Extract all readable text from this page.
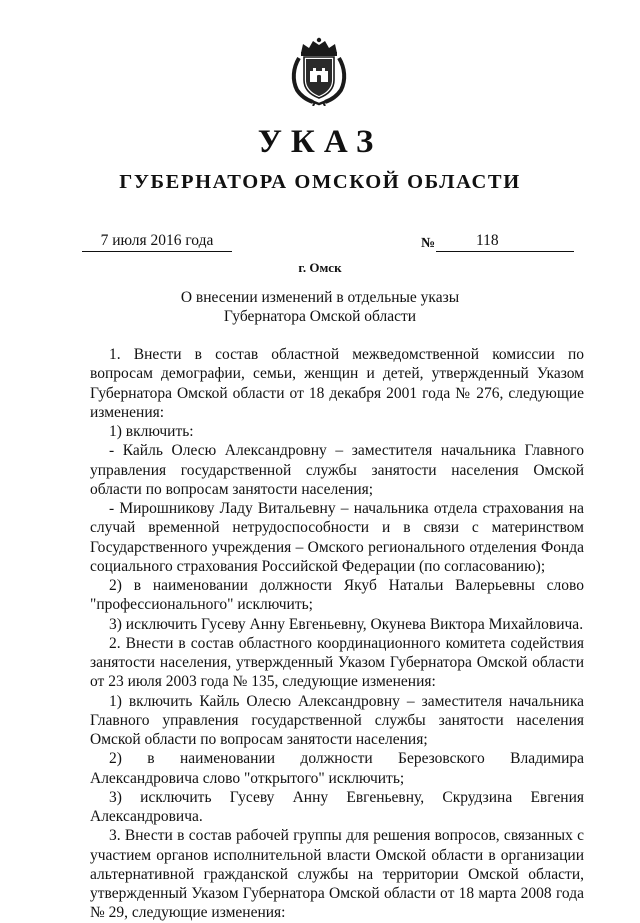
УКАЗ
ГУБЕРНАТОРА ОМСКОЙ ОБЛАСТИ
7 июля 2016 года	№	118
г. Омск
О внесении изменений в отдельные указы
Губернатора Омской области

1. Внести в состав областной межведомственной комиссии по вопросам демографии, семьи, женщин и детей, утвержденный Указом Губернатора Омской области от 18 декабря 2001 года № 276, следующие изменения:

1) включить:

- Кайль Олесю Александровну – заместителя начальника Главного управления государственной службы занятости населения Омской области по вопросам занятости населения;

- Мирошникову Ладу Витальевну – начальника отдела страхования на случай временной нетрудоспособности и в связи с материнством Государственного учреждения – Омского регионального отделения Фонда социального страхования Российской Федерации (по согласованию);

2) в наименовании должности Якуб Натальи Валерьевны слово "профессионального" исключить;

3) исключить Гусеву Анну Евгеньевну, Окунева Виктора Михайловича.

2. Внести в состав областного координационного комитета содействия занятости населения, утвержденный Указом Губернатора Омской области от 23 июля 2003 года № 135, следующие изменения:

1) включить Кайль Олесю Александровну – заместителя начальника Главного управления государственной службы занятости населения Омской области по вопросам занятости населения;

2) в наименовании должности Березовского Владимира Александровича слово "открытого" исключить;

3) исключить Гусеву Анну Евгеньевну, Скрудзина Евгения Александровича.

3. Внести в состав рабочей группы для решения вопросов, связанных с участием органов исполнительной власти Омской области в организации альтернативной гражданской службы на территории Омской области, утвержденный Указом Губернатора Омской области от 18 марта 2008 года № 29, следующие изменения:
